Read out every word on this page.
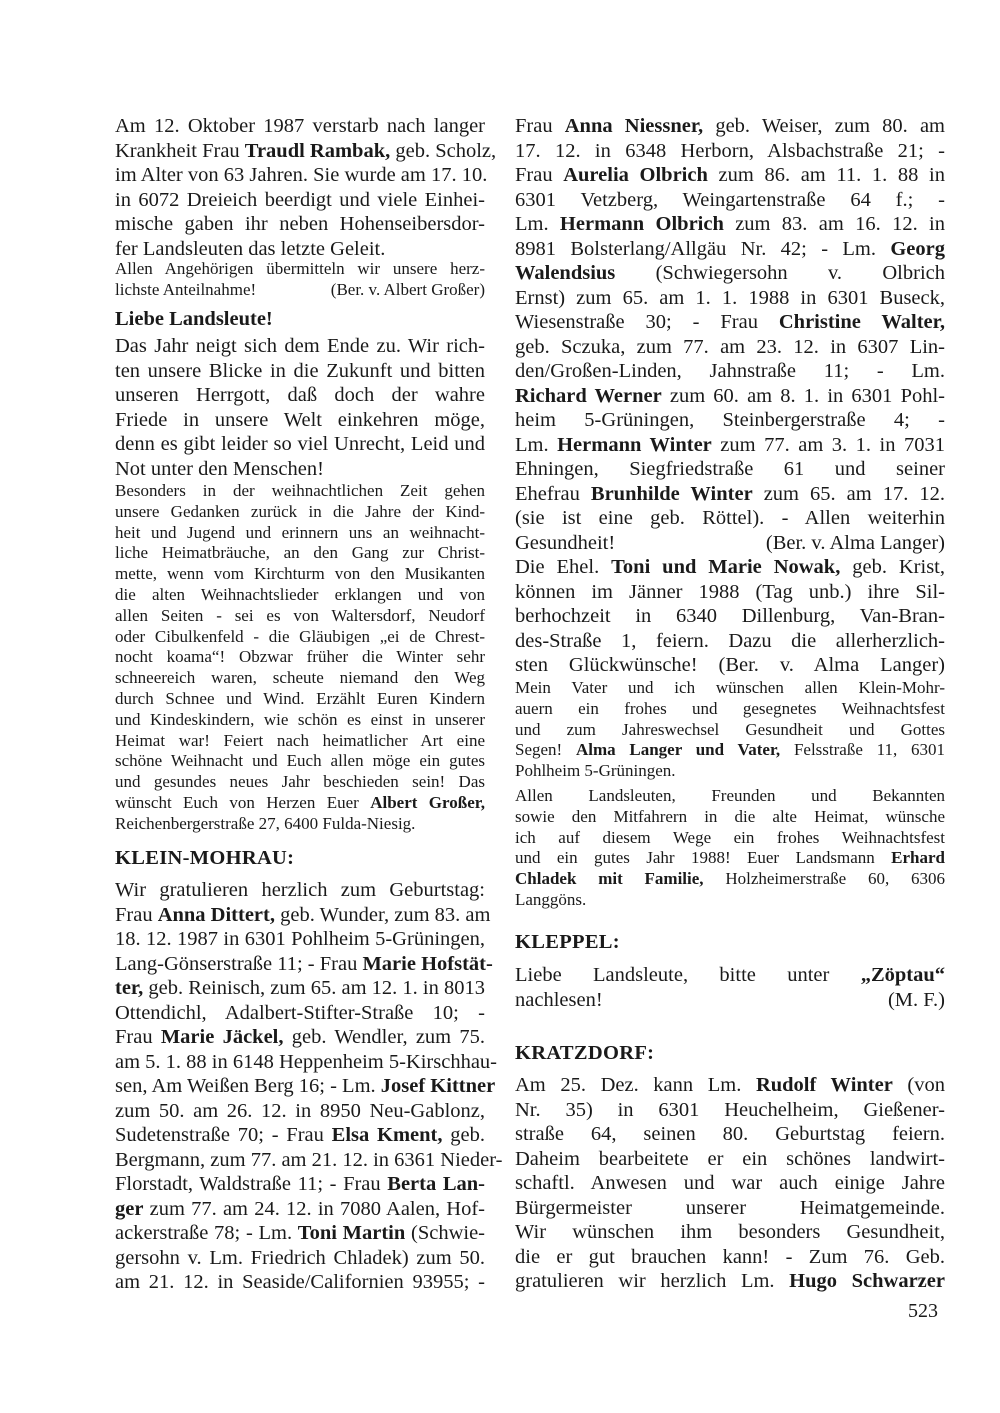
Am 12. Oktober 1987 verstarb nach langer
Krankheit Frau Traudl Rambak, geb. Scholz,
im Alter von 63 Jahren. Sie wurde am 17. 10.
in 6072 Dreieich beerdigt und viele Einhei-
mische gaben ihr neben Hohenseibersdor-
fer Landsleuten das letzte Geleit.
Allen Angehörigen übermitteln wir unsere herz-
lichste Anteilnahme!	(Ber. v. Albert Großer)
Liebe Landsleute!
Das Jahr neigt sich dem Ende zu. Wir rich-
ten unsere Blicke in die Zukunft und bitten
unseren Herrgott, daß doch der wahre
Friede in unsere Welt einkehren möge,
denn es gibt leider so viel Unrecht, Leid und
Not unter den Menschen!
Besonders in der weihnachtlichen Zeit gehen
unsere Gedanken zurück in die Jahre der Kind-
heit und Jugend und erinnern uns an weihnacht-
liche Heimatbräuche, an den Gang zur Christ-
mette, wenn vom Kirchturm von den Musikanten
die alten Weihnachtslieder erklangen und von
allen Seiten - sei es von Waltersdorf, Neudorf
oder Cibulkenfeld - die Gläubigen „ei de Chrest-
nocht koama“! Obzwar früher die Winter sehr
schneereich waren, scheute niemand den Weg
durch Schnee und Wind. Erzählt Euren Kindern
und Kindeskindern, wie schön es einst in unserer
Heimat war! Feiert nach heimatlicher Art eine
schöne Weihnacht und Euch allen möge ein gutes
und gesundes neues Jahr beschieden sein! Das
wünscht Euch von Herzen Euer Albert Großer,
Reichenbergerstraße 27, 6400 Fulda-Niesig.
KLEIN-MOHRAU:
Wir gratulieren herzlich zum Geburtstag:
Frau Anna Dittert, geb. Wunder, zum 83. am
18. 12. 1987 in 6301 Pohlheim 5-Grüningen,
Lang-Gönserstraße 11; - Frau Marie Hofstät-
ter, geb. Reinisch, zum 65. am 12. 1. in 8013
Ottendichl, Adalbert-Stifter-Straße 10; -
Frau Marie Jäckel, geb. Wendler, zum 75.
am 5. 1. 88 in 6148 Heppenheim 5-Kirschhau-
sen, Am Weißen Berg 16; - Lm. Josef Kittner
zum 50. am 26. 12. in 8950 Neu-Gablonz,
Sudetenstraße 70; - Frau Elsa Kment, geb.
Bergmann, zum 77. am 21. 12. in 6361 Nieder-
Florstadt, Waldstraße 11; - Frau Berta Lan-
ger zum 77. am 24. 12. in 7080 Aalen, Hof-
ackerstraße 78; - Lm. Toni Martin (Schwie-
gersohn v. Lm. Friedrich Chladek) zum 50.
am 21. 12. in Seaside/Californien 93955; -
Frau Anna Niessner, geb. Weiser, zum 80. am
17. 12. in 6348 Herborn, Alsbachstraße 21; -
Frau Aurelia Olbrich zum 86. am 11. 1. 88 in
6301 Vetzberg, Weingartenstraße 64 f.; -
Lm. Hermann Olbrich zum 83. am 16. 12. in
8981 Bolsterlang/Allgäu Nr. 42; - Lm. Georg
Walendsius (Schwiegersohn v. Olbrich
Ernst) zum 65. am 1. 1. 1988 in 6301 Buseck,
Wiesenstraße 30; - Frau Christine Walter,
geb. Sczuka, zum 77. am 23. 12. in 6307 Lin-
den/Großen-Linden, Jahnstraße 11; - Lm.
Richard Werner zum 60. am 8. 1. in 6301 Pohl-
heim 5-Grüningen, Steinbergerstraße 4; -
Lm. Hermann Winter zum 77. am 3. 1. in 7031
Ehningen, Siegfriedstraße 61 und seiner
Ehefrau Brunhilde Winter zum 65. am 17. 12.
(sie ist eine geb. Röttel). - Allen weiterhin
Gesundheit!	(Ber. v. Alma Langer)
Die Ehel. Toni und Marie Nowak, geb. Krist,
können im Jänner 1988 (Tag unb.) ihre Sil-
berhochzeit in 6340 Dillenburg, Van-Bran-
des-Straße 1, feiern. Dazu die allerherzlich-
sten Glückwünsche! (Ber. v. Alma Langer)
Mein Vater und ich wünschen allen Klein-Mohr-
auern ein frohes und gesegnetes Weihnachtsfest
und zum Jahreswechsel Gesundheit und Gottes
Segen! Alma Langer und Vater, Felsstraße 11, 6301
Pohlheim 5-Grüningen.
Allen Landsleuten, Freunden und Bekannten
sowie den Mitfahrern in die alte Heimat, wünsche
ich auf diesem Wege ein frohes Weihnachtsfest
und ein gutes Jahr 1988! Euer Landsmann Erhard
Chladek mit Familie, Holzheimerstraße 60, 6306
Langgöns.
KLEPPEL:
Liebe Landsleute, bitte unter „Zöptau“
nachlesen!	(M. F.)
KRATZDORF:
Am 25. Dez. kann Lm. Rudolf Winter (von
Nr. 35) in 6301 Heuchelheim, Gießener-
straße 64, seinen 80. Geburtstag feiern.
Daheim bearbeitete er ein schönes landwirt-
schaftl. Anwesen und war auch einige Jahre
Bürgermeister unserer Heimatgemeinde.
Wir wünschen ihm besonders Gesundheit,
die er gut brauchen kann! - Zum 76. Geb.
gratulieren wir herzlich Lm. Hugo Schwarzer
523
